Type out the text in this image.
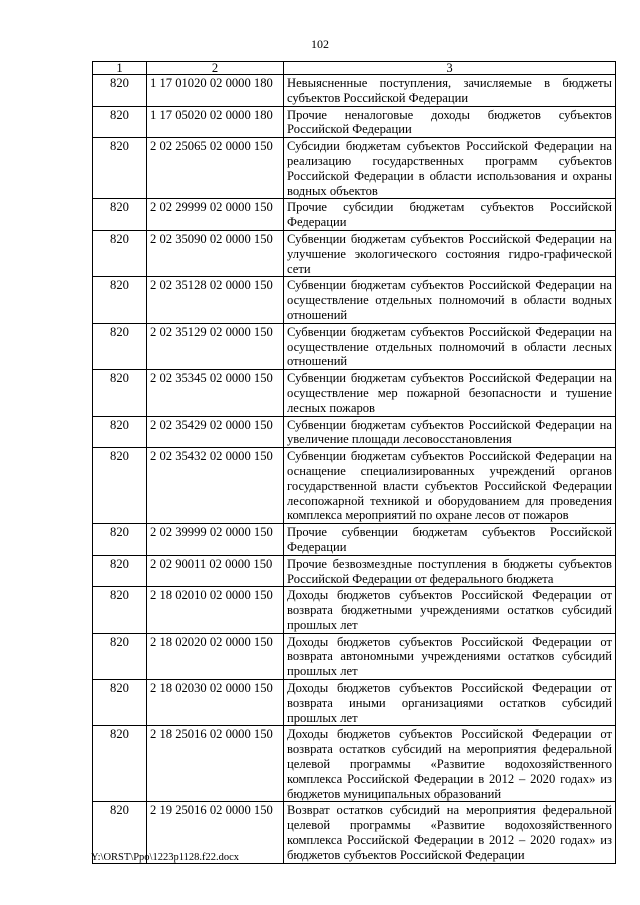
102
1	2	3
820	1 17 01020 02 0000 180	Невыясненные поступления, зачисляемые в бюджеты субъектов Российской Федерации
820	1 17 05020 02 0000 180	Прочие неналоговые доходы бюджетов субъектов Российской Федерации
820	2 02 25065 02 0000 150	Субсидии бюджетам субъектов Российской Федерации на реализацию государственных программ субъектов Российской Федерации в области использования и охраны водных объектов
820	2 02 29999 02 0000 150	Прочие субсидии бюджетам субъектов Российской Федерации
820	2 02 35090 02 0000 150	Субвенции бюджетам субъектов Российской Федерации на улучшение экологического состояния гидро-графической сети
820	2 02 35128 02 0000 150	Субвенции бюджетам субъектов Российской Федерации на осуществление отдельных полномочий в области водных отношений
820	2 02 35129 02 0000 150	Субвенции бюджетам субъектов Российской Федерации на осуществление отдельных полномочий в области лесных отношений
820	2 02 35345 02 0000 150	Субвенции бюджетам субъектов Российской Федерации на осуществление мер пожарной безопасности и тушение лесных пожаров
820	2 02 35429 02 0000 150	Субвенции бюджетам субъектов Российской Федерации на увеличение площади лесовосстановления
820	2 02 35432 02 0000 150	Субвенции бюджетам субъектов Российской Федерации на оснащение специализированных учреждений органов государственной власти субъектов Российской Федерации лесопожарной техникой и оборудованием для проведения комплекса мероприятий по охране лесов от пожаров
820	2 02 39999 02 0000 150	Прочие субвенции бюджетам субъектов Российской Федерации
820	2 02 90011 02 0000 150	Прочие безвозмездные поступления в бюджеты субъектов Российской Федерации от федерального бюджета
820	2 18 02010 02 0000 150	Доходы бюджетов субъектов Российской Федерации от возврата бюджетными учреждениями остатков субсидий прошлых лет
820	2 18 02020 02 0000 150	Доходы бюджетов субъектов Российской Федерации от возврата автономными учреждениями остатков субсидий прошлых лет
820	2 18 02030 02 0000 150	Доходы бюджетов субъектов Российской Федерации от возврата иными организациями остатков субсидий прошлых лет
820	2 18 25016 02 0000 150	Доходы бюджетов субъектов Российской Федерации от возврата остатков субсидий на мероприятия федеральной целевой программы «Развитие водохозяйственного комплекса Российской Федерации в 2012 – 2020 годах» из бюджетов муниципальных образований
820	2 19 25016 02 0000 150	Возврат остатков субсидий на мероприятия федеральной целевой программы «Развитие водохозяйственного комплекса Российской Федерации в 2012 – 2020 годах» из бюджетов субъектов Российской Федерации
Y:\ORST\Ppo\1223p1128.f22.docx
